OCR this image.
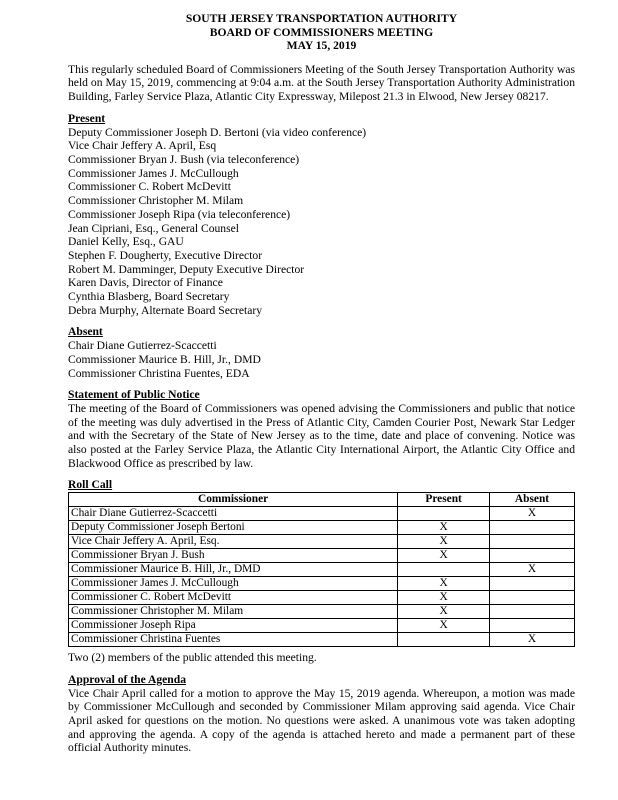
SOUTH JERSEY TRANSPORTATION AUTHORITY
BOARD OF COMMISSIONERS MEETING
MAY 15, 2019

This regularly scheduled Board of Commissioners Meeting of the South Jersey Transportation Authority was held on May 15, 2019, commencing at 9:04 a.m. at the South Jersey Transportation Authority Administration Building, Farley Service Plaza, Atlantic City Expressway, Milepost 21.3 in Elwood, New Jersey 08217.

Present
Deputy Commissioner Joseph D. Bertoni (via video conference)
Vice Chair Jeffery A. April, Esq
Commissioner Bryan J. Bush (via teleconference)
Commissioner James J. McCullough
Commissioner C. Robert McDevitt
Commissioner Christopher M. Milam
Commissioner Joseph Ripa (via teleconference)
Jean Cipriani, Esq., General Counsel
Daniel Kelly, Esq., GAU
Stephen F. Dougherty, Executive Director
Robert M. Damminger, Deputy Executive Director
Karen Davis, Director of Finance
Cynthia Blasberg, Board Secretary
Debra Murphy, Alternate Board Secretary
Absent
Chair Diane Gutierrez-Scaccetti
Commissioner Maurice B. Hill, Jr., DMD
Commissioner Christina Fuentes, EDA
Statement of Public Notice

The meeting of the Board of Commissioners was opened advising the Commissioners and public that notice of the meeting was duly advertised in the Press of Atlantic City, Camden Courier Post, Newark Star Ledger and with the Secretary of the State of New Jersey as to the time, date and place of convening. Notice was also posted at the Farley Service Plaza, the Atlantic City International Airport, the Atlantic City Office and Blackwood Office as prescribed by law.

Roll Call
Commissioner	Present	Absent
Chair Diane Gutierrez-Scaccetti		X
Deputy Commissioner Joseph Bertoni	X	
Vice Chair Jeffery A. April, Esq.	X	
Commissioner Bryan J. Bush	X	
Commissioner Maurice B. Hill, Jr., DMD		X
Commissioner James J. McCullough	X	
Commissioner C. Robert McDevitt	X	
Commissioner Christopher M. Milam	X	
Commissioner Joseph Ripa	X	
Commissioner Christina Fuentes		X
Two (2) members of the public attended this meeting.
Approval of the Agenda

Vice Chair April called for a motion to approve the May 15, 2019 agenda. Whereupon, a motion was made by Commissioner McCullough and seconded by Commissioner Milam approving said agenda. Vice Chair April asked for questions on the motion. No questions were asked. A unanimous vote was taken adopting and approving the agenda. A copy of the agenda is attached hereto and made a permanent part of these official Authority minutes.
